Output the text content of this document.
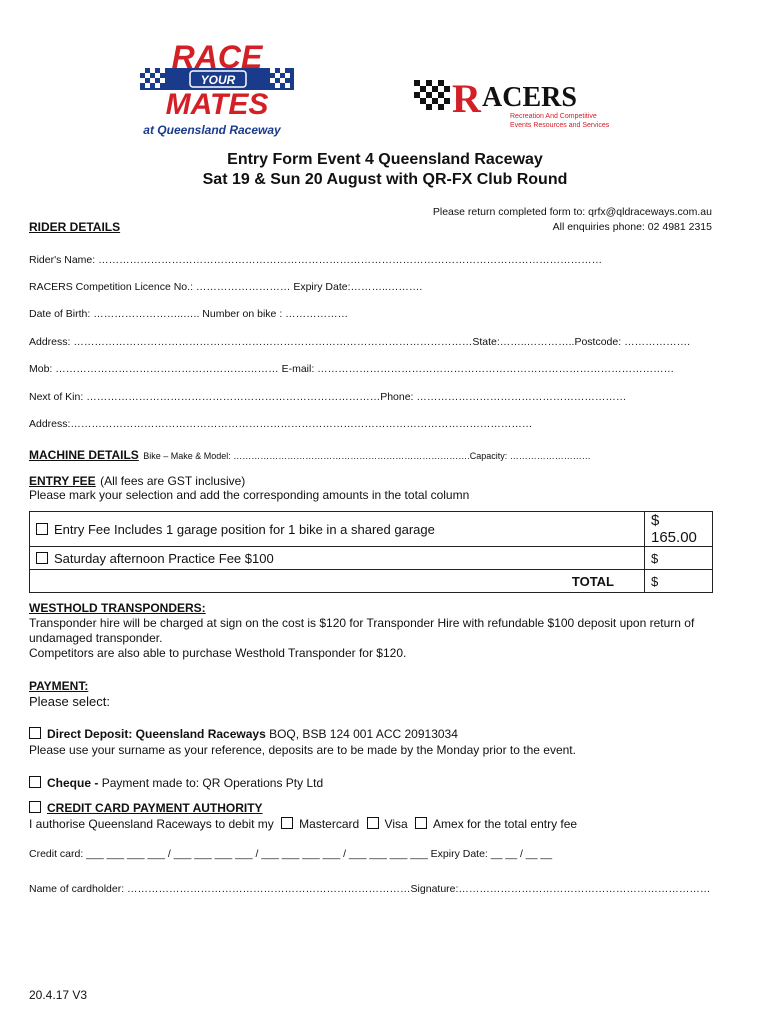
RACE
YOUR
MATES
at Queensland Raceway
R ACERS
Recreation And Competitive
Events Resources and Services
Entry Form Event 4 Queensland Raceway
Sat 19 & Sun 20 August with QR-FX Club Round
Please return completed form to: qrfx@qldraceways.com.au
All enquiries phone: 02 4981 2315
RIDER DETAILS
Rider's Name: ………………………………………………………………………………………………………………………………
RACERS Competition Licence No.: ……………………… Expiry Date:………..……….
Date of Birth: ……………………..….. Number on bike : ………………
Address: ……………………………………………………………………………………………………State:……..…………..Postcode: ……………….
Mob: ……………………………………………….……… E-mail: …………………………………………………………………………………………
Next of Kin: …………………………………………………………………………Phone: ……………………………………………………
Address:……………………………………………………………………………………………………………………
MACHINE DETAILS Bike – Make & Model: …………………………………………………………………….Capacity: ………………………
ENTRY FEE (All fees are GST inclusive)
Please mark your selection and add the corresponding amounts in the total column
Entry Fee Includes 1 garage position for 1 bike in a shared garage	$ 165.00
Saturday afternoon Practice Fee $100	$
TOTAL	$
WESTHOLD TRANSPONDERS:
Transponder hire will be charged at sign on the cost is $120 for Transponder Hire with refundable $100 deposit upon return of
undamaged transponder.
Competitors are also able to purchase Westhold Transponder for $120.
PAYMENT:
Please select:
Direct Deposit: Queensland Raceways BOQ, BSB 124 001 ACC 20913034
Please use your surname as your reference, deposits are to be made by the Monday prior to the event.
Cheque - Payment made to: QR Operations Pty Ltd
CREDIT CARD PAYMENT AUTHORITY
I authorise Queensland Raceways to debit my Mastercard Visa Amex for the total entry fee
Credit card: ___ ___ ___ ___ / ___ ___ ___ ___ / ___ ___ ___ ___ / ___ ___ ___ ___ Expiry Date: __ __ / __ __
Name of cardholder: ………………………………………………………………………Signature:………………………………………………………………
20.4.17 V3
